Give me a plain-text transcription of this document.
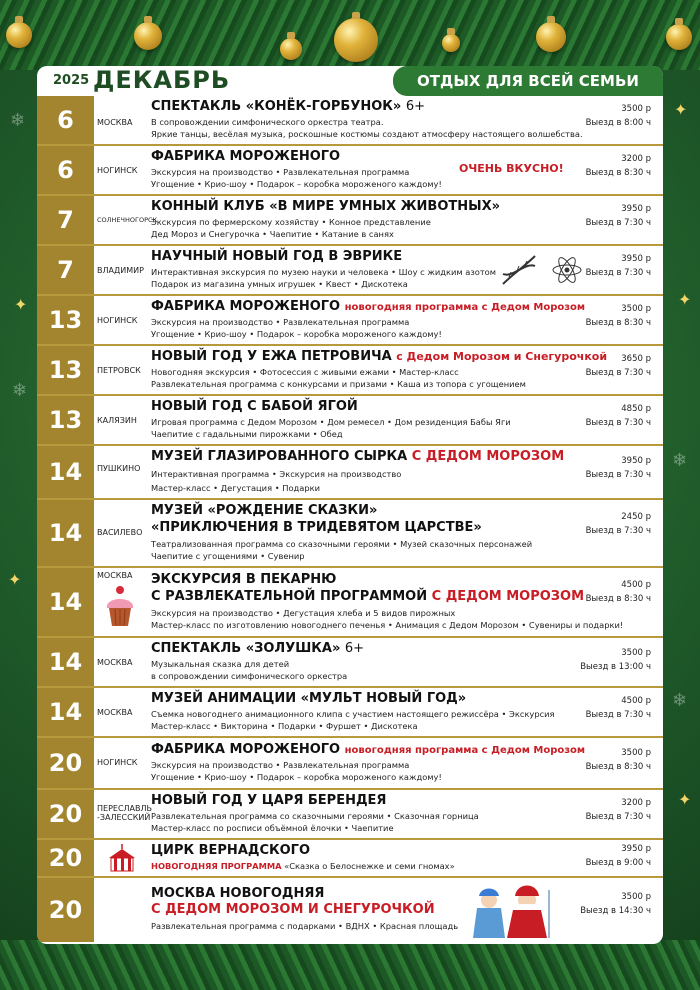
✦
✦
✦
✦
✦
❄
❄
❄
❄
2025 ДЕКАБРЬ	ОТДЫХ ДЛЯ ВСЕЙ СЕМЬИ
6	МОСКВА
СПЕКТАКЛЬ «КОНЁК-ГОРБУНОК» 6+
В сопровождении симфонического оркестра театра.
Яркие танцы, весёлая музыка, роскошные костюмы создают атмосферу настоящего волшебства.
3500 р
Выезд в 8:00 ч
6	НОГИНСК
ФАБРИКА МОРОЖЕНОГО
Экскурсия на производство • Развлекательная программа
Угощение • Крио-шоу • Подарок – коробка мороженого каждому!
ОЧЕНЬ ВКУСНО!
3200 р
Выезд в 8:30 ч
7	СОЛНЕЧНОГОРСК
КОННЫЙ КЛУБ «В МИРЕ УМНЫХ ЖИВОТНЫХ»
Экскурсия по фермерскому хозяйству • Конное представление
Дед Мороз и Снегурочка • Чаепитие • Катание в санях
3950 р
Выезд в 7:30 ч
7	ВЛАДИМИР
НАУЧНЫЙ НОВЫЙ ГОД В ЭВРИКЕ
Интерактивная экскурсия по музею науки и человека • Шоу с жидким азотом
Подарок из магазина умных игрушек • Квест • Дискотека
3950 р
Выезд в 7:30 ч
13	НОГИНСК
ФАБРИКА МОРОЖЕНОГО новогодняя программа с Дедом Морозом
Экскурсия на производство • Развлекательная программа
Угощение • Крио-шоу • Подарок – коробка мороженого каждому!
3500 р
Выезд в 8:30 ч
13	ПЕТРОВСК
НОВЫЙ ГОД У ЕЖА ПЕТРОВИЧА с Дедом Морозом и Снегурочкой
Новогодняя экскурсия • Фотосессия с живыми ежами • Мастер-класс
Развлекательная программа с конкурсами и призами • Каша из топора с угощением
3650 р
Выезд в 7:30 ч
13	КАЛЯЗИН
НОВЫЙ ГОД С БАБОЙ ЯГОЙ
Игровая программа с Дедом Морозом • Дом ремесел • Дом резиденция Бабы Яги
Чаепитие с гадальными пирожками • Обед
4850 р
Выезд в 7:30 ч
14	ПУШКИНО
МУЗЕЙ ГЛАЗИРОВАННОГО СЫРКА С ДЕДОМ МОРОЗОМ
Интерактивная программа • Экскурсия на производство
Мастер-класс • Дегустация • Подарки
3950 р
Выезд в 7:30 ч
14	ВАСИЛЕВО
МУЗЕЙ «РОЖДЕНИЕ СКАЗКИ»
«ПРИКЛЮЧЕНИЯ В ТРИДЕВЯТОМ ЦАРСТВЕ»
Театрализованная программа со сказочными героями • Музей сказочных персонажей
Чаепитие с угощениями • Сувенир
2450 р
Выезд в 7:30 ч
14
МОСКВА	ЭКСКУРСИЯ В ПЕКАРНЮ
С РАЗВЛЕКАТЕЛЬНОЙ ПРОГРАММОЙ С ДЕДОМ МОРОЗОМ
Экскурсия на производство • Дегустация хлеба и 5 видов пирожных
Мастер-класс по изготовлению новогоднего печенья • Анимация с Дедом Морозом • Сувениры и подарки!
4500 р
Выезд в 8:30 ч
14	МОСКВА
СПЕКТАКЛЬ «ЗОЛУШКА» 6+
Музыкальная сказка для детей
в сопровождении симфонического оркестра
3500 р
Выезд в 13:00 ч
14	МОСКВА
МУЗЕЙ АНИМАЦИИ «МУЛЬТ НОВЫЙ ГОД»
Съемка новогоднего анимационного клипа с участием настоящего режиссёра • Экскурсия
Мастер-класс • Викторина • Подарки • Фуршет • Дискотека
4500 р
Выезд в 7:30 ч
20	НОГИНСК
ФАБРИКА МОРОЖЕНОГО новогодняя программа с Дедом Морозом
Экскурсия на производство • Развлекательная программа
Угощение • Крио-шоу • Подарок – коробка мороженого каждому!
3500 р
Выезд в 8:30 ч
20	ПЕРЕСЛАВЛЬ -ЗАЛЕССКИЙ
НОВЫЙ ГОД У ЦАРЯ БЕРЕНДЕЯ
Развлекательная программа со сказочными героями • Сказочная горница
Мастер-класс по росписи объёмной ёлочки • Чаепитие
3200 р
Выезд в 7:30 ч
20	ЦИРК ВЕРНАДСКОГО
НОВОГОДНЯЯ ПРОГРАММА «Сказка о Белоснежке и семи гномах»
3950 р
Выезд в 9:00 ч
20
МОСКВА НОВОГОДНЯЯ
С ДЕДОМ МОРОЗОМ И СНЕГУРОЧКОЙ
Развлекательная программа с подарками • ВДНХ • Красная площадь
3500 р
Выезд в 14:30 ч
